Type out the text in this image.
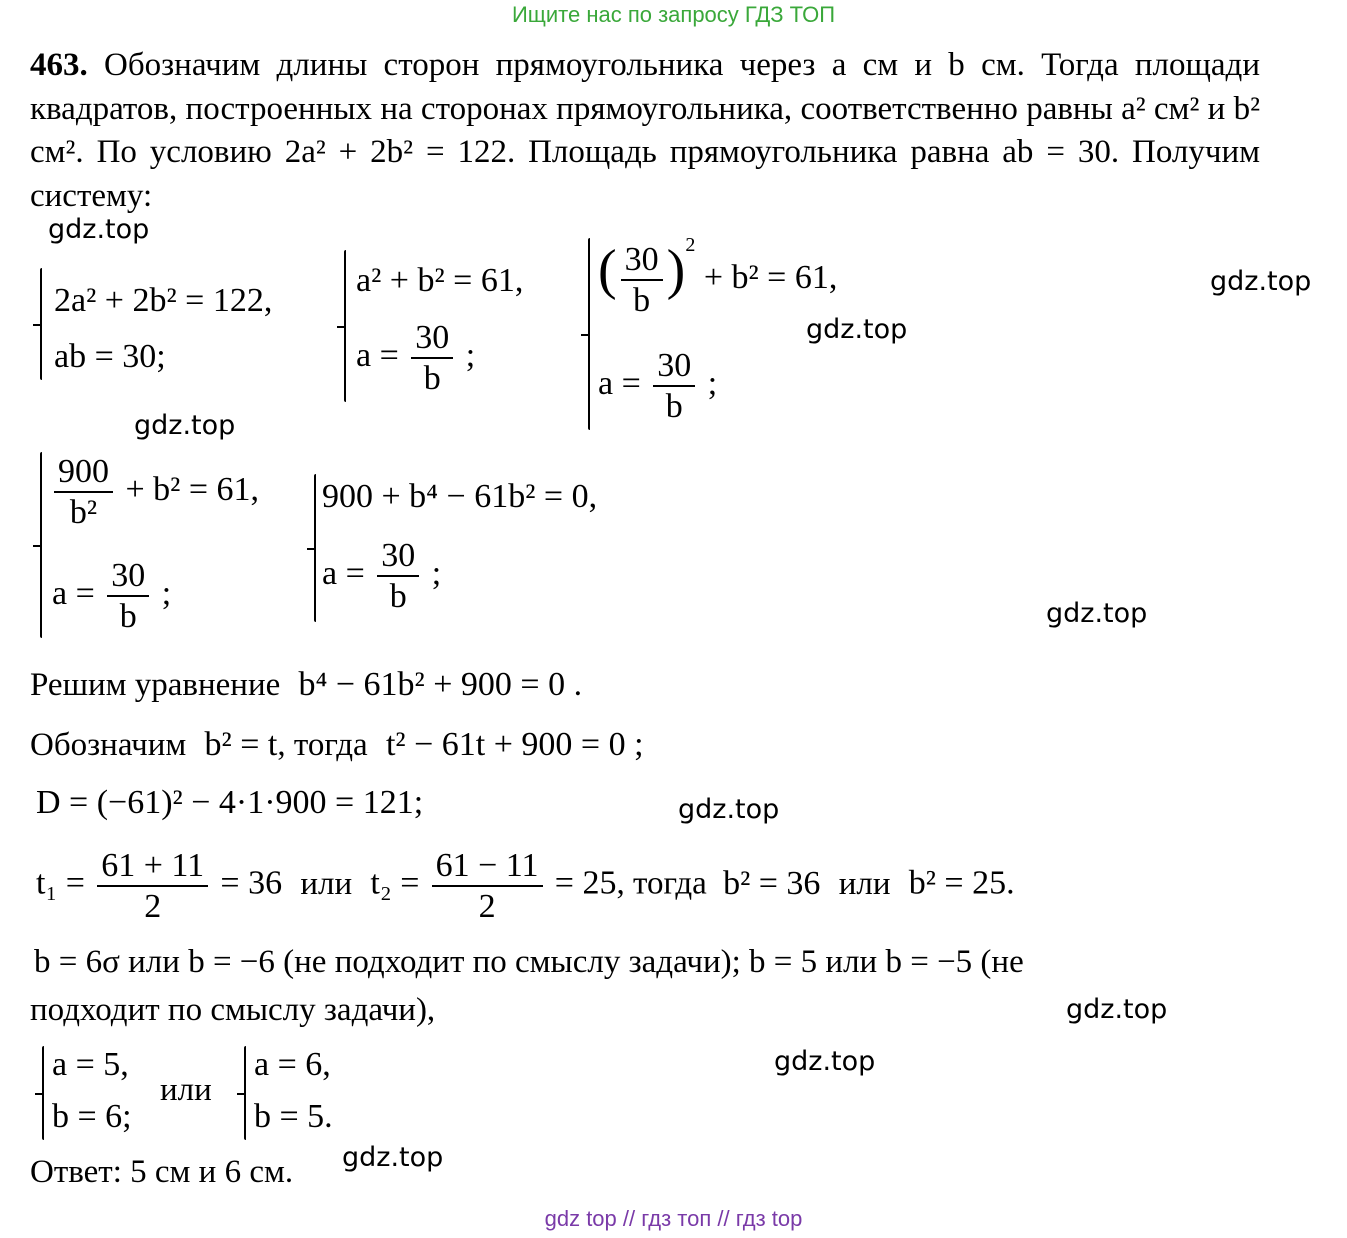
Ищите нас по запросу ГДЗ ТОП
463. Обозначим длины сторон прямоугольника через a см и b см. Тогда площади квадратов, построенных на сторонах прямоугольника, соответственно равны a² см² и b² см². По условию 2a² + 2b² = 122. Площадь прямоугольника равна ab = 30. Получим систему:
2a² + 2b² = 122,
ab = 30;
a² + b² = 61,
$a = \frac{30}{b}$ ;
( $\frac{30}{b} )^2 + b^2 = 61$,
$a = \frac{30}{b}$ ;
$\frac{900}{\text{b²}} + b^2 = 61$,
$a = \frac{30}{b}$ ;
900 + b⁴ − 61b² = 0,
$a = \frac{30}{b}$ ;
Решим уравнение b⁴ − 61b² + 900 = 0 .
Обозначим b² = t, тогда t² − 61t + 900 = 0 ;
D = (−61)² − 4·1·900 = 121;
$t_1 = \frac{61 + 11}{2} = 36$ или $t_2 = \frac{61 - 11}{2} = 25$, тогда b² = 36 или b² = 25.
b = 6σ или b = −6 (не подходит по смыслу задачи); b = 5 или b = −5 (не
подходит по смыслу задачи),
a = 5,
b = 6;
или
a = 6,
b = 5.
Ответ: 5 см и 6 см.
gdz.top
gdz.top
gdz.top
gdz.top
gdz.top
gdz.top
gdz.top
gdz.top
gdz.top
gdz top // гдз топ // гдз top
